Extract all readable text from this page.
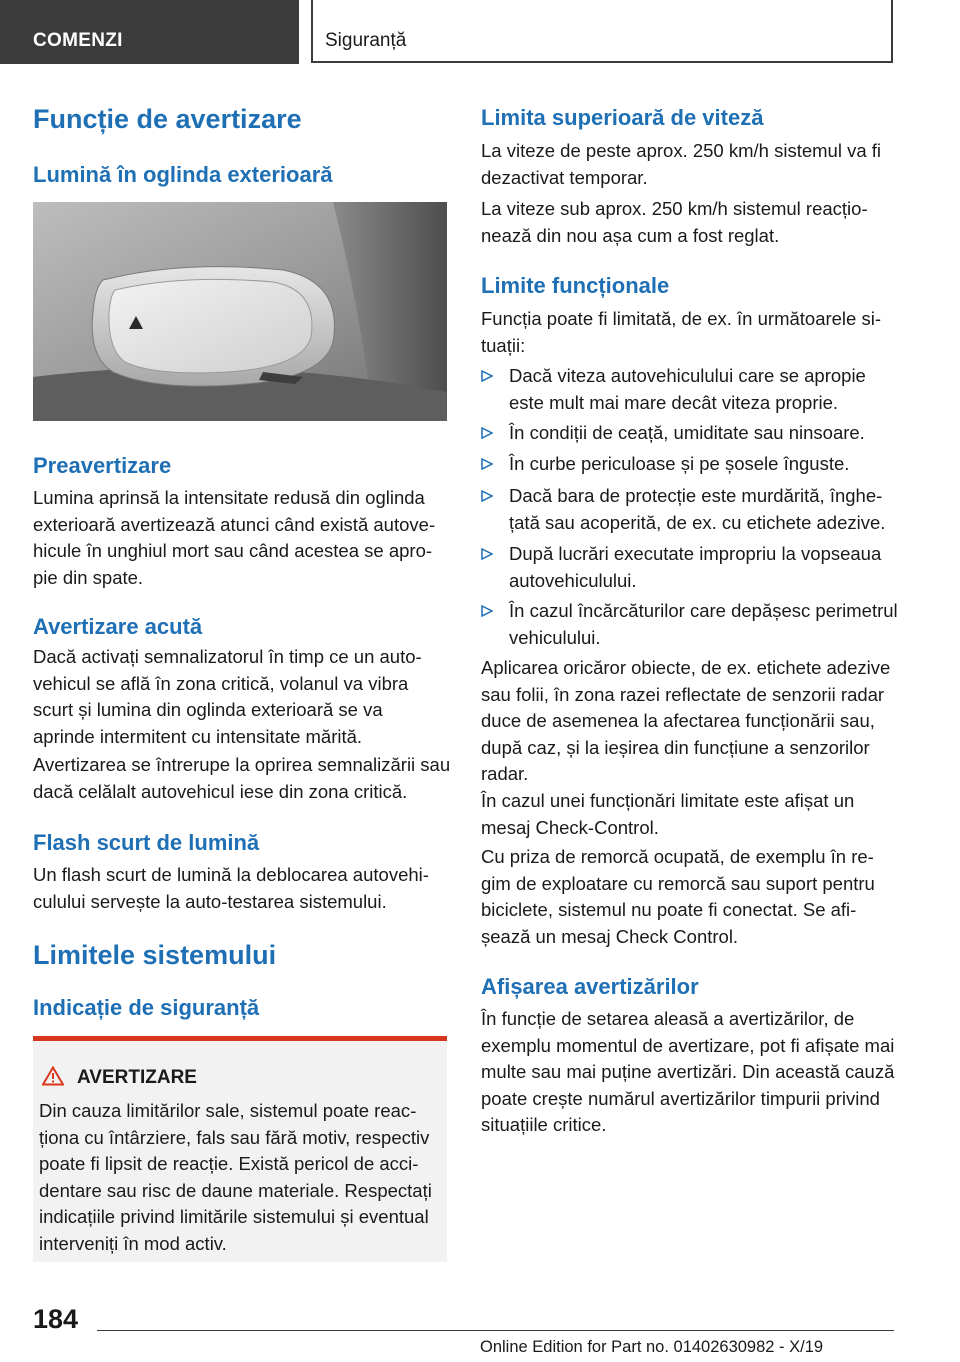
COMENZI	Siguranță
Funcție de avertizare
Lumină în oglinda exterioară
Preavertizare

Lumina aprinsă la intensitate redusă din oglinda exterioară avertizează atunci când există autovehicule în unghiul mort sau când acestea se apropie din spate.

Avertizare acută

Dacă activați semnalizatorul în timp ce un autovehicul se află în zona critică, volanul va vibra scurt și lumina din oglinda exterioară se va aprinde intermitent cu intensitate mărită.

Avertizarea se întrerupe la oprirea semnalizării sau dacă celălalt autovehicul iese din zona critică.

Flash scurt de lumină

Un flash scurt de lumină la deblocarea autovehiculului servește la auto-testarea sistemului.

Limitele sistemului
Indicație de siguranță
AVERTIZARE

Din cauza limitărilor sale, sistemul poate reacționa cu întârziere, fals sau fără motiv, respectiv poate fi lipsit de reacție. Există pericol de accidentare sau risc de daune materiale. Respectați indicațiile privind limitările sistemului și eventual interveniți în mod activ.

Limita superioară de viteză

La viteze de peste aprox. 250 km/h sistemul va fi dezactivat temporar.

La viteze sub aprox. 250 km/h sistemul reacționează din nou așa cum a fost reglat.

Limite funcționale

Funcția poate fi limitată, de ex. în următoarele situații:

Dacă viteza autovehiculului care se apropie este mult mai mare decât viteza proprie.
În condiții de ceață, umiditate sau ninsoare.
În curbe periculoase și pe șosele înguste.
Dacă bara de protecție este murdărită, înghețată sau acoperită, de ex. cu etichete adezive.
După lucrări executate impropriu la vopseaua autovehiculului.
În cazul încărcăturilor care depășesc perimetrul vehiculului.

Aplicarea oricăror obiecte, de ex. etichete adezive sau folii, în zona razei reflectate de senzorii radar duce de asemenea la afectarea funcționării sau, după caz, și la ieșirea din funcțiune a senzorilor radar.

În cazul unei funcționări limitate este afișat un mesaj Check-Control.

Cu priza de remorcă ocupată, de exemplu în regim de exploatare cu remorcă sau suport pentru biciclete, sistemul nu poate fi conectat. Se afișează un mesaj Check Control.

Afișarea avertizărilor

În funcție de setarea aleasă a avertizărilor, de exemplu momentul de avertizare, pot fi afișate mai multe sau mai puține avertizări. Din această cauză poate crește numărul avertizărilor timpurii privind situațiile critice.

184
Online Edition for Part no. 01402630982 - X/19
